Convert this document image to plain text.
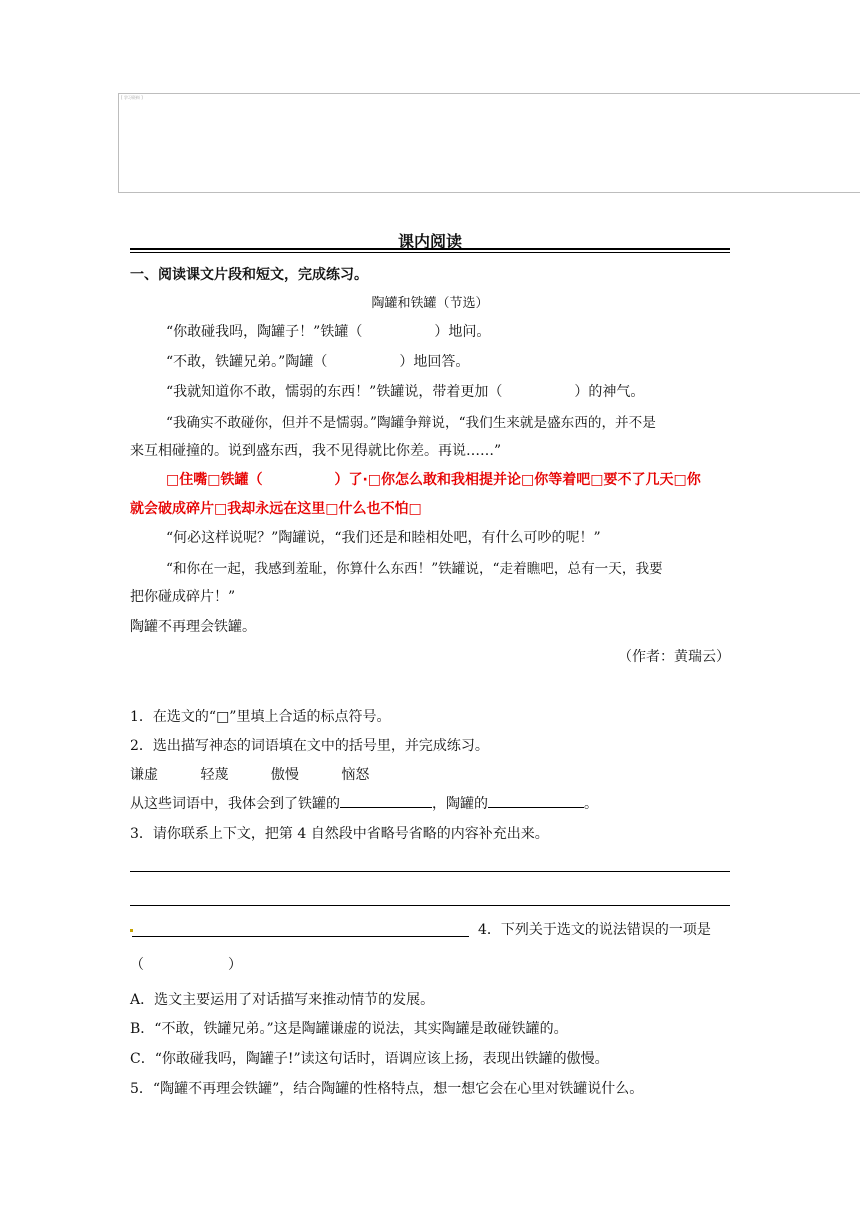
[ 学习资料 ]
课内阅读
一、阅读课文片段和短文，完成练习。
陶罐和铁罐（节选）
“你敢碰我吗，陶罐子！”铁罐（	）地问。
“不敢，铁罐兄弟。”陶罐（	）地回答。
“我就知道你不敢，懦弱的东西！”铁罐说，带着更加（	）的神气。
“我确实不敢碰你，但并不是懦弱。”陶罐争辩说，“我们生来就是盛东西的，并不是
来互相碰撞的。说到盛东西，我不见得就比你差。再说……”
□住嘴□铁罐（	）了·□你怎么敢和我相提并论□你等着吧□要不了几天□你
就会破成碎片□我却永远在这里□什么也不怕□
“何必这样说呢？”陶罐说，“我们还是和睦相处吧，有什么可吵的呢！”
“和你在一起，我感到羞耻，你算什么东西！”铁罐说，“走着瞧吧，总有一天，我要
把你碰成碎片！”
陶罐不再理会铁罐。
（作者：黄瑞云）
1．在选文的“□”里填上合适的标点符号。
2．选出描写神态的词语填在文中的括号里，并完成练习。
谦虚	轻蔑	傲慢	恼怒
从这些词语中，我体会到了铁罐的	，陶罐的	。
3．请你联系上下文，把第 4 自然段中省略号省略的内容补充出来。
4．下列关于选文的说法错误的一项是
（　　　　　　）
A．选文主要运用了对话描写来推动情节的发展。
B．“不敢，铁罐兄弟。”这是陶罐谦虚的说法，其实陶罐是敢碰铁罐的。
C．“你敢碰我吗，陶罐子!”读这句话时，语调应该上扬，表现出铁罐的傲慢。
5．“陶罐不再理会铁罐”，结合陶罐的性格特点，想一想它会在心里对铁罐说什么。
